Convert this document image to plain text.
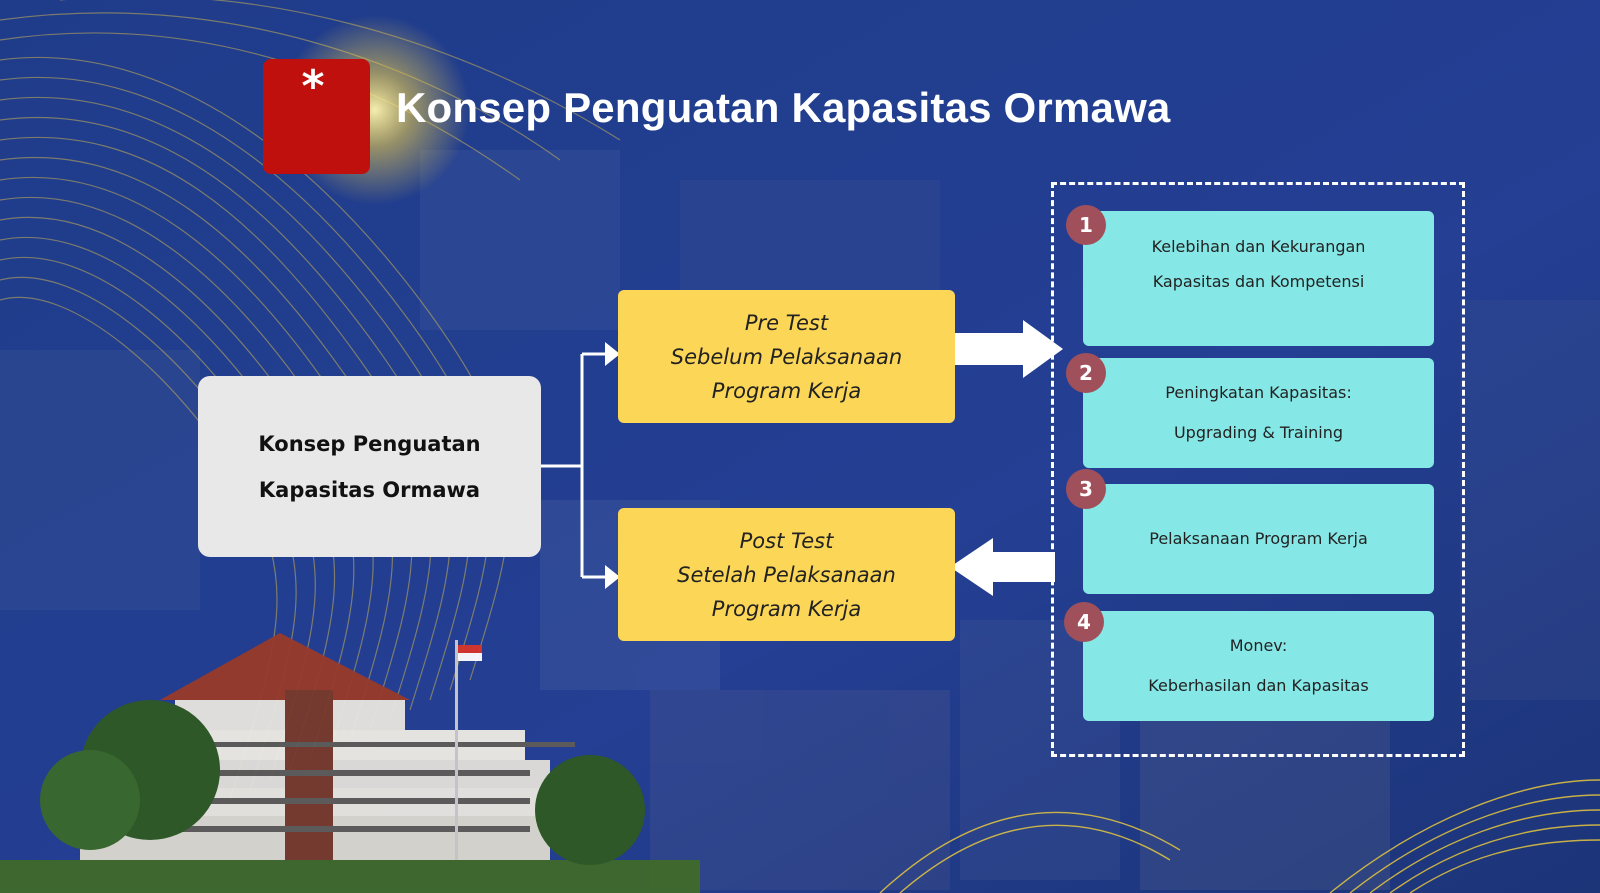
*	Konsep Penguatan Kapasitas Ormawa
Konsep Penguatan
Kapasitas Ormawa
Pre Test
Sebelum Pelaksanaan
Program Kerja
Post Test
Setelah Pelaksanaan
Program Kerja
Kelebihan dan Kekurangan
Kapasitas dan Kompetensi
1
Peningkatan Kapasitas:
Upgrading & Training
2
Pelaksanaan Program Kerja
3
Monev:
Keberhasilan dan Kapasitas
4
